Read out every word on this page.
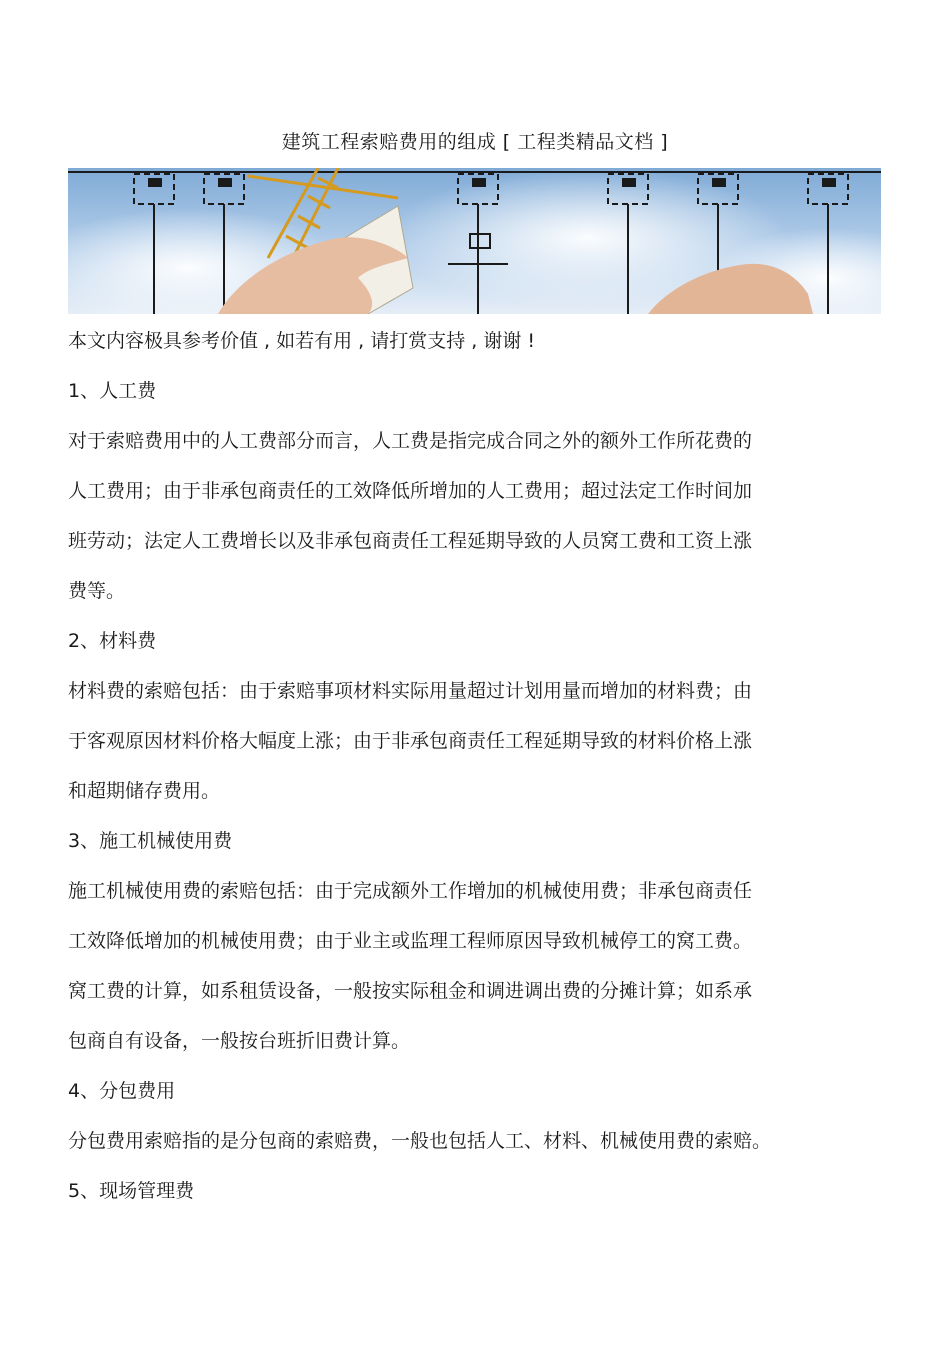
建筑工程索赔费用的组成 [ 工程类精品文档 ]
本文内容极具参考价值 , 如若有用 , 请打赏支持 , 谢谢 !
1、人工费
对于索赔费用中的人工费部分而言，人工费是指完成合同之外的额外工作所花费的
人工费用；由于非承包商责任的工效降低所增加的人工费用；超过法定工作时间加
班劳动；法定人工费增长以及非承包商责任工程延期导致的人员窝工费和工资上涨
费等。
2、材料费
材料费的索赔包括：由于索赔事项材料实际用量超过计划用量而增加的材料费；由
于客观原因材料价格大幅度上涨；由于非承包商责任工程延期导致的材料价格上涨
和超期储存费用。
3、施工机械使用费
施工机械使用费的索赔包括：由于完成额外工作增加的机械使用费；非承包商责任
工效降低增加的机械使用费；由于业主或监理工程师原因导致机械停工的窝工费。
窝工费的计算，如系租赁设备，一般按实际租金和调进调出费的分摊计算；如系承
包商自有设备，一般按台班折旧费计算。
4、分包费用
分包费用索赔指的是分包商的索赔费，一般也包括人工、材料、机械使用费的索赔。
5、现场管理费
